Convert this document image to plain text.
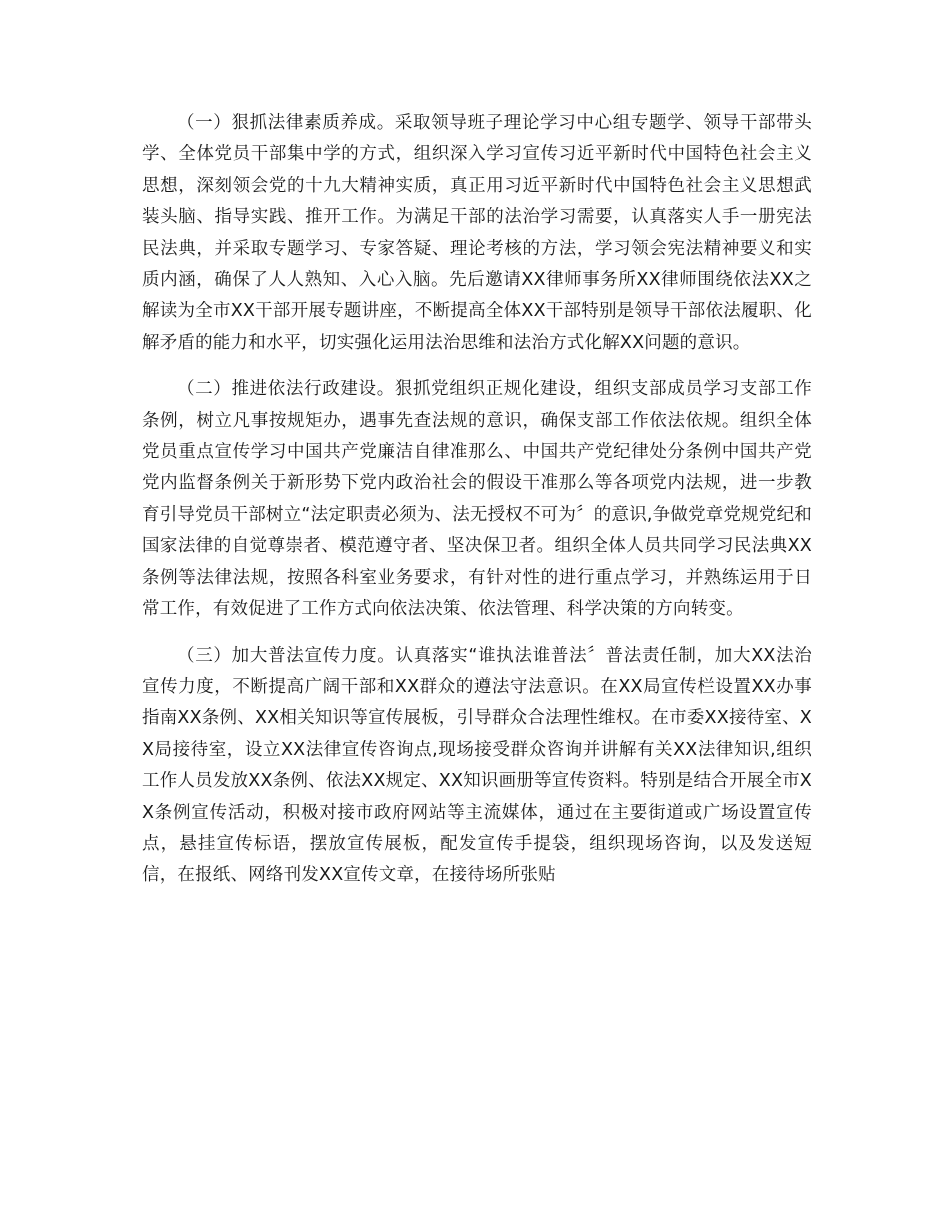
（一）狠抓法律素质养成。采取领导班子理论学习中心组专题学、领导干部带头学、全体党员干部集中学的方式，组织深入学习宣传习近平新时代中国特色社会主义思想，深刻领会党的十九大精神实质，真正用习近平新时代中国特色社会主义思想武装头脑、指导实践、推开工作。为满足干部的法治学习需要，认真落实人手一册宪法民法典，并采取专题学习、专家答疑、理论考核的方法，学习领会宪法精神要义和实质内涵，确保了人人熟知、入心入脑。先后邀请XX律师事务所XX律师围绕依法XX之解读为全市XX干部开展专题讲座，不断提高全体XX干部特别是领导干部依法履职、化解矛盾的能力和水平，切实强化运用法治思维和法治方式化解XX问题的意识。

（二）推进依法行政建设。狠抓党组织正规化建设，组织支部成员学习支部工作条例，树立凡事按规矩办，遇事先查法规的意识，确保支部工作依法依规。组织全体党员重点宣传学习中国共产党廉洁自律准那么、中国共产党纪律处分条例中国共产党党内监督条例关于新形势下党内政治社会的假设干准那么等各项党内法规，进一步教育引导党员干部树立“法定职责必须为、法无授权不可为〞的意识,争做党章党规党纪和国家法律的自觉尊崇者、模范遵守者、坚决保卫者。组织全体人员共同学习民法典XX条例等法律法规，按照各科室业务要求，有针对性的进行重点学习，并熟练运用于日常工作，有效促进了工作方式向依法决策、依法管理、科学决策的方向转变。

（三）加大普法宣传力度。认真落实“谁执法谁普法〞普法责任制，加大XX法治宣传力度，不断提高广阔干部和XX群众的遵法守法意识。在XX局宣传栏设置XX办事指南XX条例、XX相关知识等宣传展板，引导群众合法理性维权。在市委XX接待室、XX局接待室，设立XX法律宣传咨询点,现场接受群众咨询并讲解有关XX法律知识,组织工作人员发放XX条例、依法XX规定、XX知识画册等宣传资料。特别是结合开展全市XX条例宣传活动，积极对接市政府网站等主流媒体，通过在主要街道或广场设置宣传点，悬挂宣传标语，摆放宣传展板，配发宣传手提袋，组织现场咨询，以及发送短信，在报纸、网络刊发XX宣传文章，在接待场所张贴
